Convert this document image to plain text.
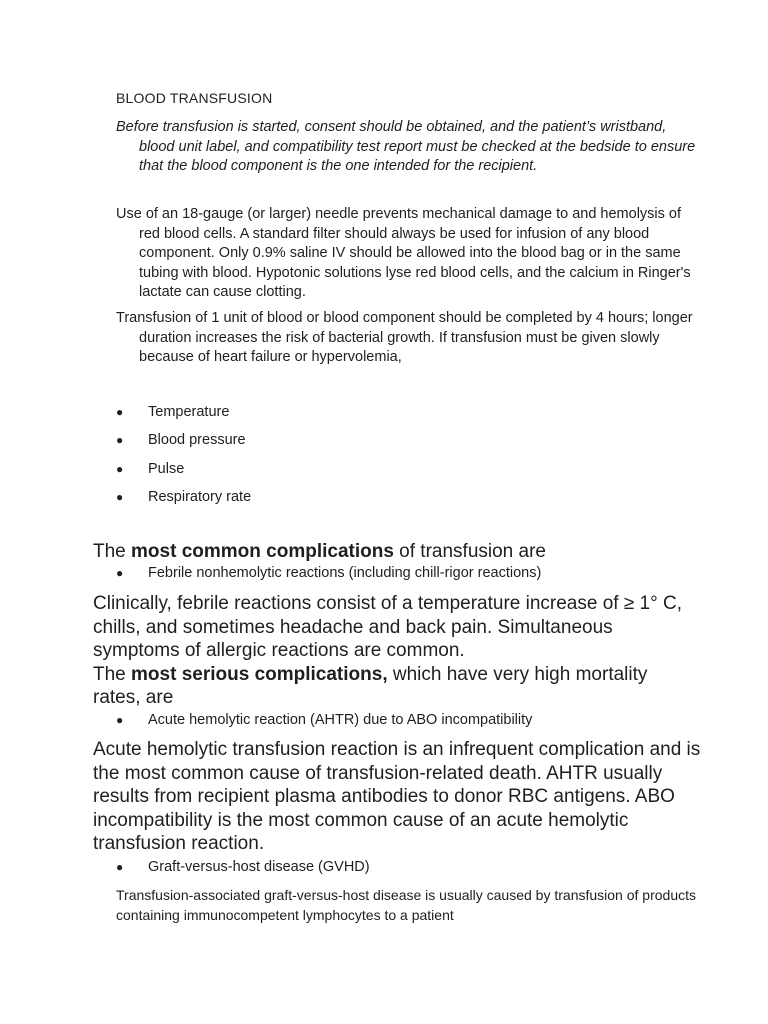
BLOOD TRANSFUSION

Before transfusion is started, consent should be obtained, and the patient’s wristband, blood unit label, and compatibility test report must be checked at the bedside to ensure that the blood component is the one intended for the recipient.

Use of an 18-gauge (or larger) needle prevents mechanical damage to and hemolysis of red blood cells. A standard filter should always be used for infusion of any blood component. Only 0.9% saline IV should be allowed into the blood bag or in the same tubing with blood. Hypotonic solutions lyse red blood cells, and the calcium in Ringer's lactate can cause clotting.

Transfusion of 1 unit of blood or blood component should be completed by 4 hours; longer duration increases the risk of bacterial growth. If transfusion must be given slowly because of heart failure or hypervolemia,

● Temperature
● Blood pressure
● Pulse
● Respiratory rate

The most common complications of transfusion are

● Febrile nonhemolytic reactions (including chill-rigor reactions)
Clinically, febrile reactions consist of a temperature increase of ≥ 1° C, chills, and sometimes headache and back pain. Simultaneous symptoms of allergic reactions are common.
The most serious complications, which have very high mortality rates, are
● Acute hemolytic reaction (AHTR) due to ABO incompatibility

Acute hemolytic transfusion reaction is an infrequent complication and is the most common cause of transfusion-related death. AHTR usually results from recipient plasma antibodies to donor RBC antigens. ABO incompatibility is the most common cause of an acute hemolytic transfusion reaction.

● Graft-versus-host disease (GVHD)

Transfusion-associated graft-versus-host disease is usually caused by transfusion of products containing immunocompetent lymphocytes to a patient
